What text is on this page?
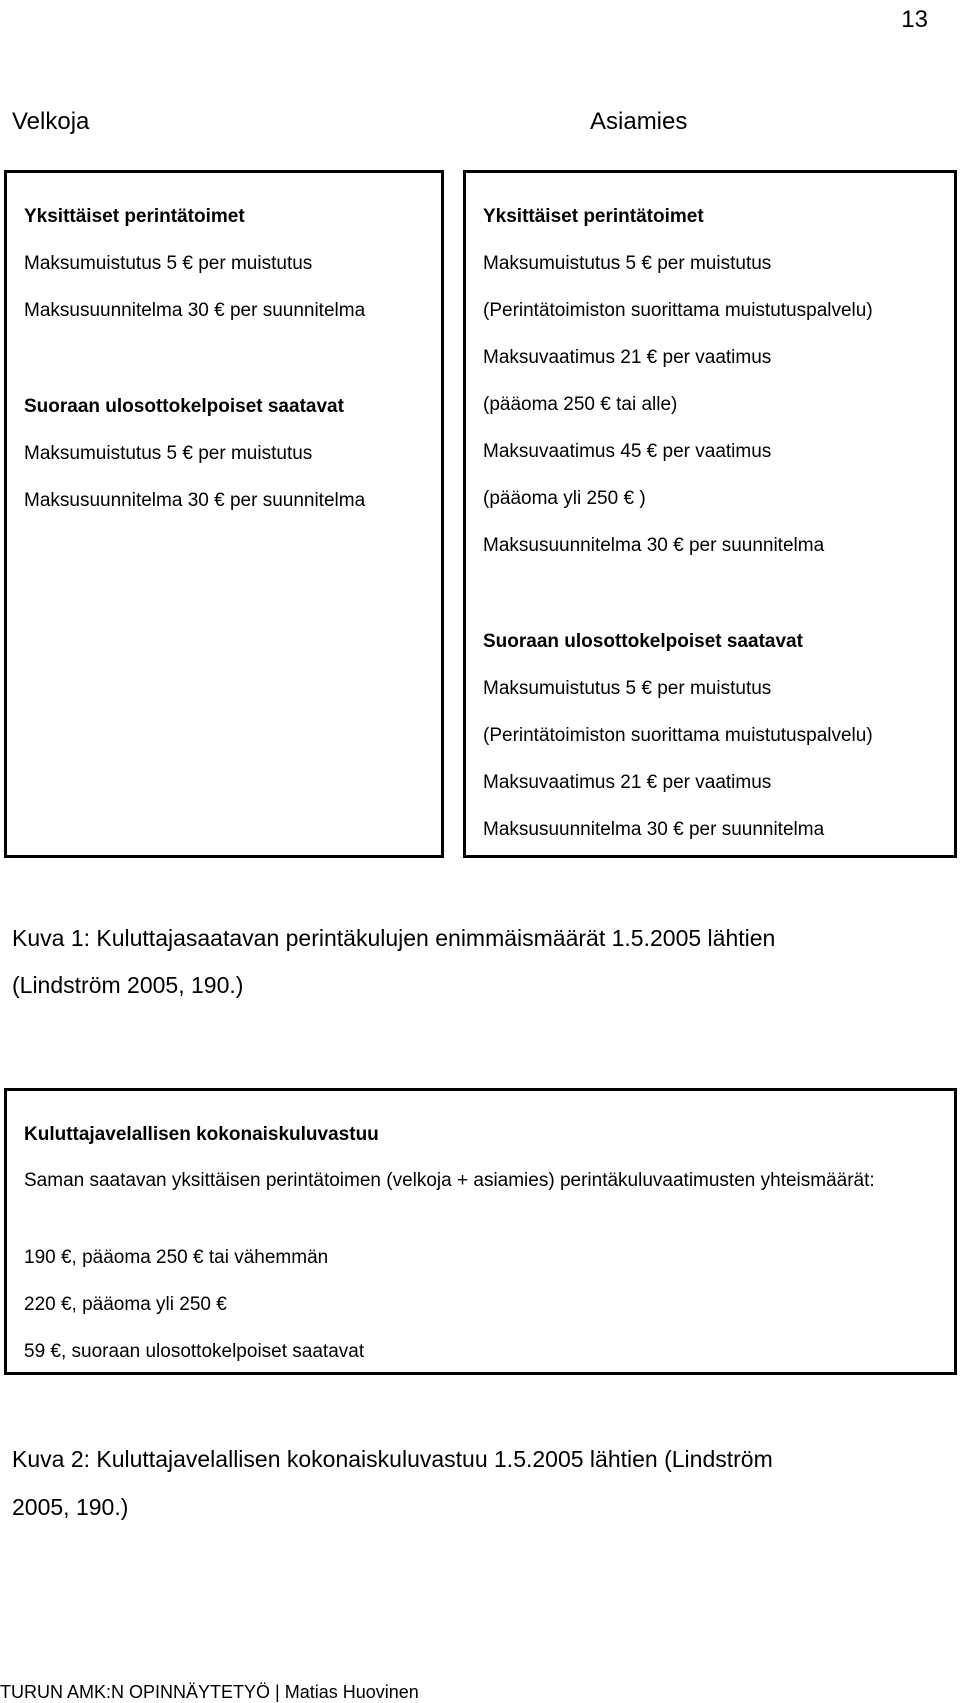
13
Velkoja	Asiamies
Yksittäiset perintätoimet
Maksumuistutus 5 € per muistutus
Maksusuunnitelma 30 € per suunnitelma
Suoraan ulosottokelpoiset saatavat
Maksumuistutus 5 € per muistutus
Maksusuunnitelma 30 € per suunnitelma
Yksittäiset perintätoimet
Maksumuistutus 5 € per muistutus
(Perintätoimiston suorittama muistutuspalvelu)
Maksuvaatimus 21 € per vaatimus
(pääoma 250 € tai alle)
Maksuvaatimus 45 € per vaatimus
(pääoma yli 250 € )
Maksusuunnitelma 30 € per suunnitelma
Suoraan ulosottokelpoiset saatavat
Maksumuistutus 5 € per muistutus
(Perintätoimiston suorittama muistutuspalvelu)
Maksuvaatimus 21 € per vaatimus
Maksusuunnitelma 30 € per suunnitelma
Kuva 1: Kuluttajasaatavan perintäkulujen enimmäismäärät 1.5.2005 lähtien
(Lindström 2005, 190.)
Kuluttajavelallisen kokonaiskuluvastuu
Saman saatavan yksittäisen perintätoimen (velkoja + asiamies) perintäkuluvaatimusten yhteismäärät:
190 €, pääoma 250 € tai vähemmän
220 €, pääoma yli 250 €
59 €, suoraan ulosottokelpoiset saatavat
Kuva 2: Kuluttajavelallisen kokonaiskuluvastuu 1.5.2005 lähtien (Lindström
2005, 190.)
TURUN AMK:N OPINNÄYTETYÖ | Matias Huovinen
